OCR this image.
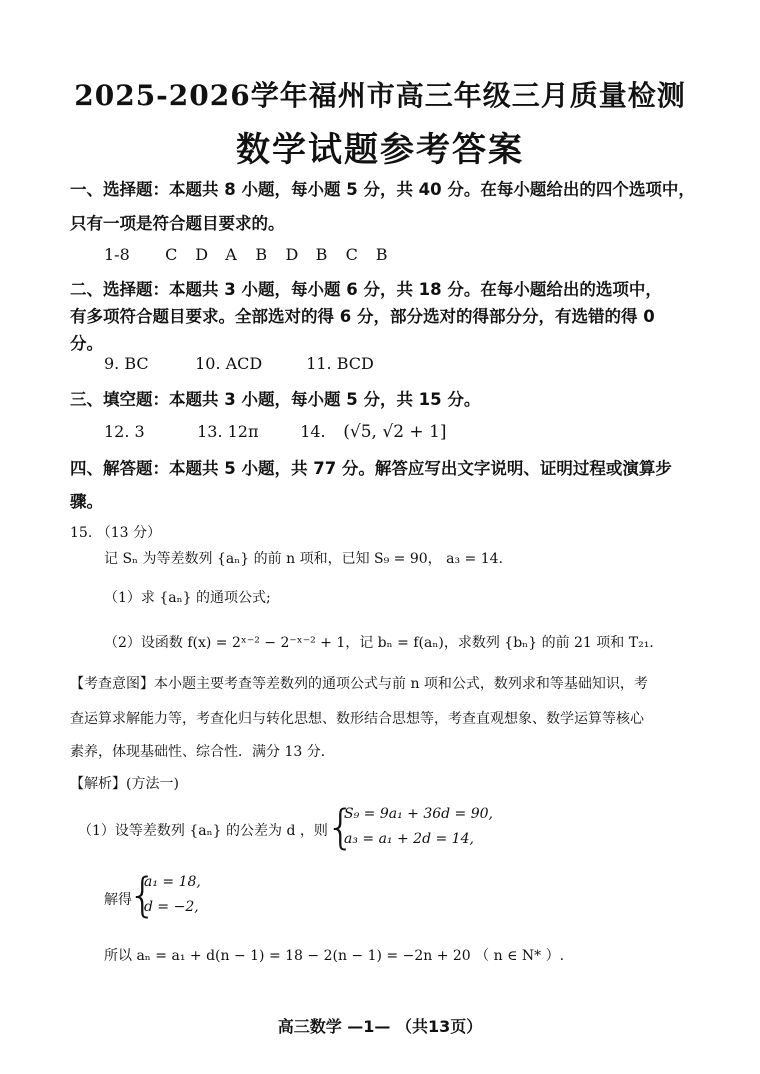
2025-2026学年福州市高三年级三月质量检测
数学试题参考答案
一、选择题：本题共 8 小题，每小题 5 分，共 40 分。在每小题给出的四个选项中，
只有一项是符合题目要求的。
1-8 C D A B D B C B
二、选择题：本题共 3 小题，每小题 6 分，共 18 分。在每小题给出的选项中，
有多项符合题目要求。全部选对的得 6 分，部分选对的得部分分，有选错的得 0
分。
9. BC	10. ACD	11. BCD
三、填空题：本题共 3 小题，每小题 5 分，共 15 分。
12. 3	13. 12π	14. (√5, √2 + 1]
四、解答题：本题共 5 小题，共 77 分。解答应写出文字说明、证明过程或演算步
骤。
15. （13 分）
记 Sₙ 为等差数列 {aₙ} 的前 n 项和，已知 S₉ = 90， a₃ = 14.
（1）求 {aₙ} 的通项公式;
（2）设函数 f(x) = 2ˣ⁻² − 2⁻ˣ⁻² + 1，记 bₙ = f(aₙ)，求数列 {bₙ} 的前 21 项和 T₂₁.
【考查意图】本小题主要考查等差数列的通项公式与前 n 项和公式，数列求和等基础知识，考
查运算求解能力等，考查化归与转化思想、数形结合思想等，考查直观想象、数学运算等核心
素养，体现基础性、综合性．满分 13 分．
【解析】(方法一)
（1）设等差数列 {aₙ} 的公差为 d ，则
{
S₉ = 9a₁ + 36d = 90,
a₃ = a₁ + 2d = 14,
解得
{
a₁ = 18,
d = −2,
所以 aₙ = a₁ + d(n − 1) = 18 − 2(n − 1) = −2n + 20 （ n ∈ N* ）.
高三数学 —1— （共13页）
